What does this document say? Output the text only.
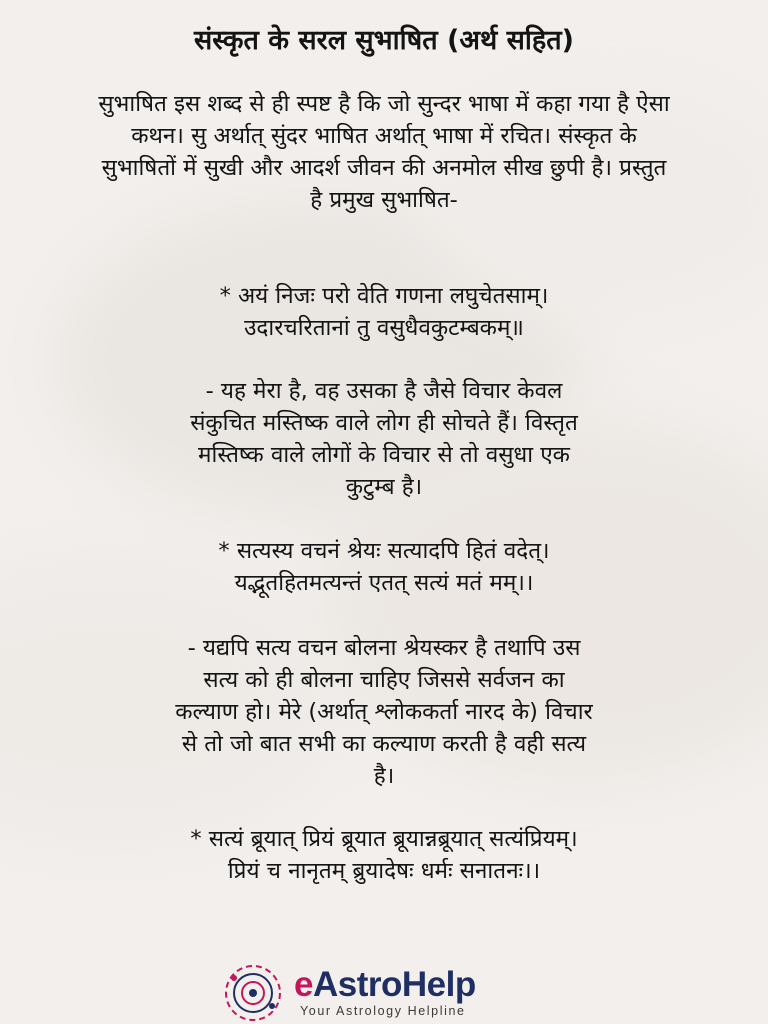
संस्कृत के सरल सुभाषित (अर्थ सहित)

सुभाषित इस शब्द से ही स्पष्ट है कि जो सुन्दर भाषा में कहा गया है ऐसा कथन। सु अर्थात् सुंदर भाषित अर्थात् भाषा में रचित। संस्कृत के सुभाषितों में सुखी और आदर्श जीवन की अनमोल सीख छुपी है। प्रस्तुत है प्रमुख सुभाषित-

* अयं निजः परो वेति गणना लघुचेतसाम्।
उदारचरितानां तु वसुधैवकुटम्बकम्॥

- यह मेरा है, वह उसका है जैसे विचार केवल
संकुचित मस्तिष्क वाले लोग ही सोचते हैं। विस्तृत
मस्तिष्क वाले लोगों के विचार से तो वसुधा एक
कुटुम्ब है।

* सत्यस्य वचनं श्रेयः सत्यादपि हितं वदेत्।
यद्भूतहितमत्यन्तं एतत् सत्यं मतं मम्।।

- यद्यपि सत्य वचन बोलना श्रेयस्कर है तथापि उस
सत्य को ही बोलना चाहिए जिससे सर्वजन का
कल्याण हो। मेरे (अर्थात् श्लोककर्ता नारद के) विचार
से तो जो बात सभी का कल्याण करती है वही सत्य
है।

* सत्यं ब्रूयात् प्रियं ब्रूयात ब्रूयान्नब्रूयात् सत्यंप्रियम्।
प्रियं च नानृतम् ब्रुयादेषः धर्मः सनातनः।।

eAstroHelp
Your Astrology Helpline
